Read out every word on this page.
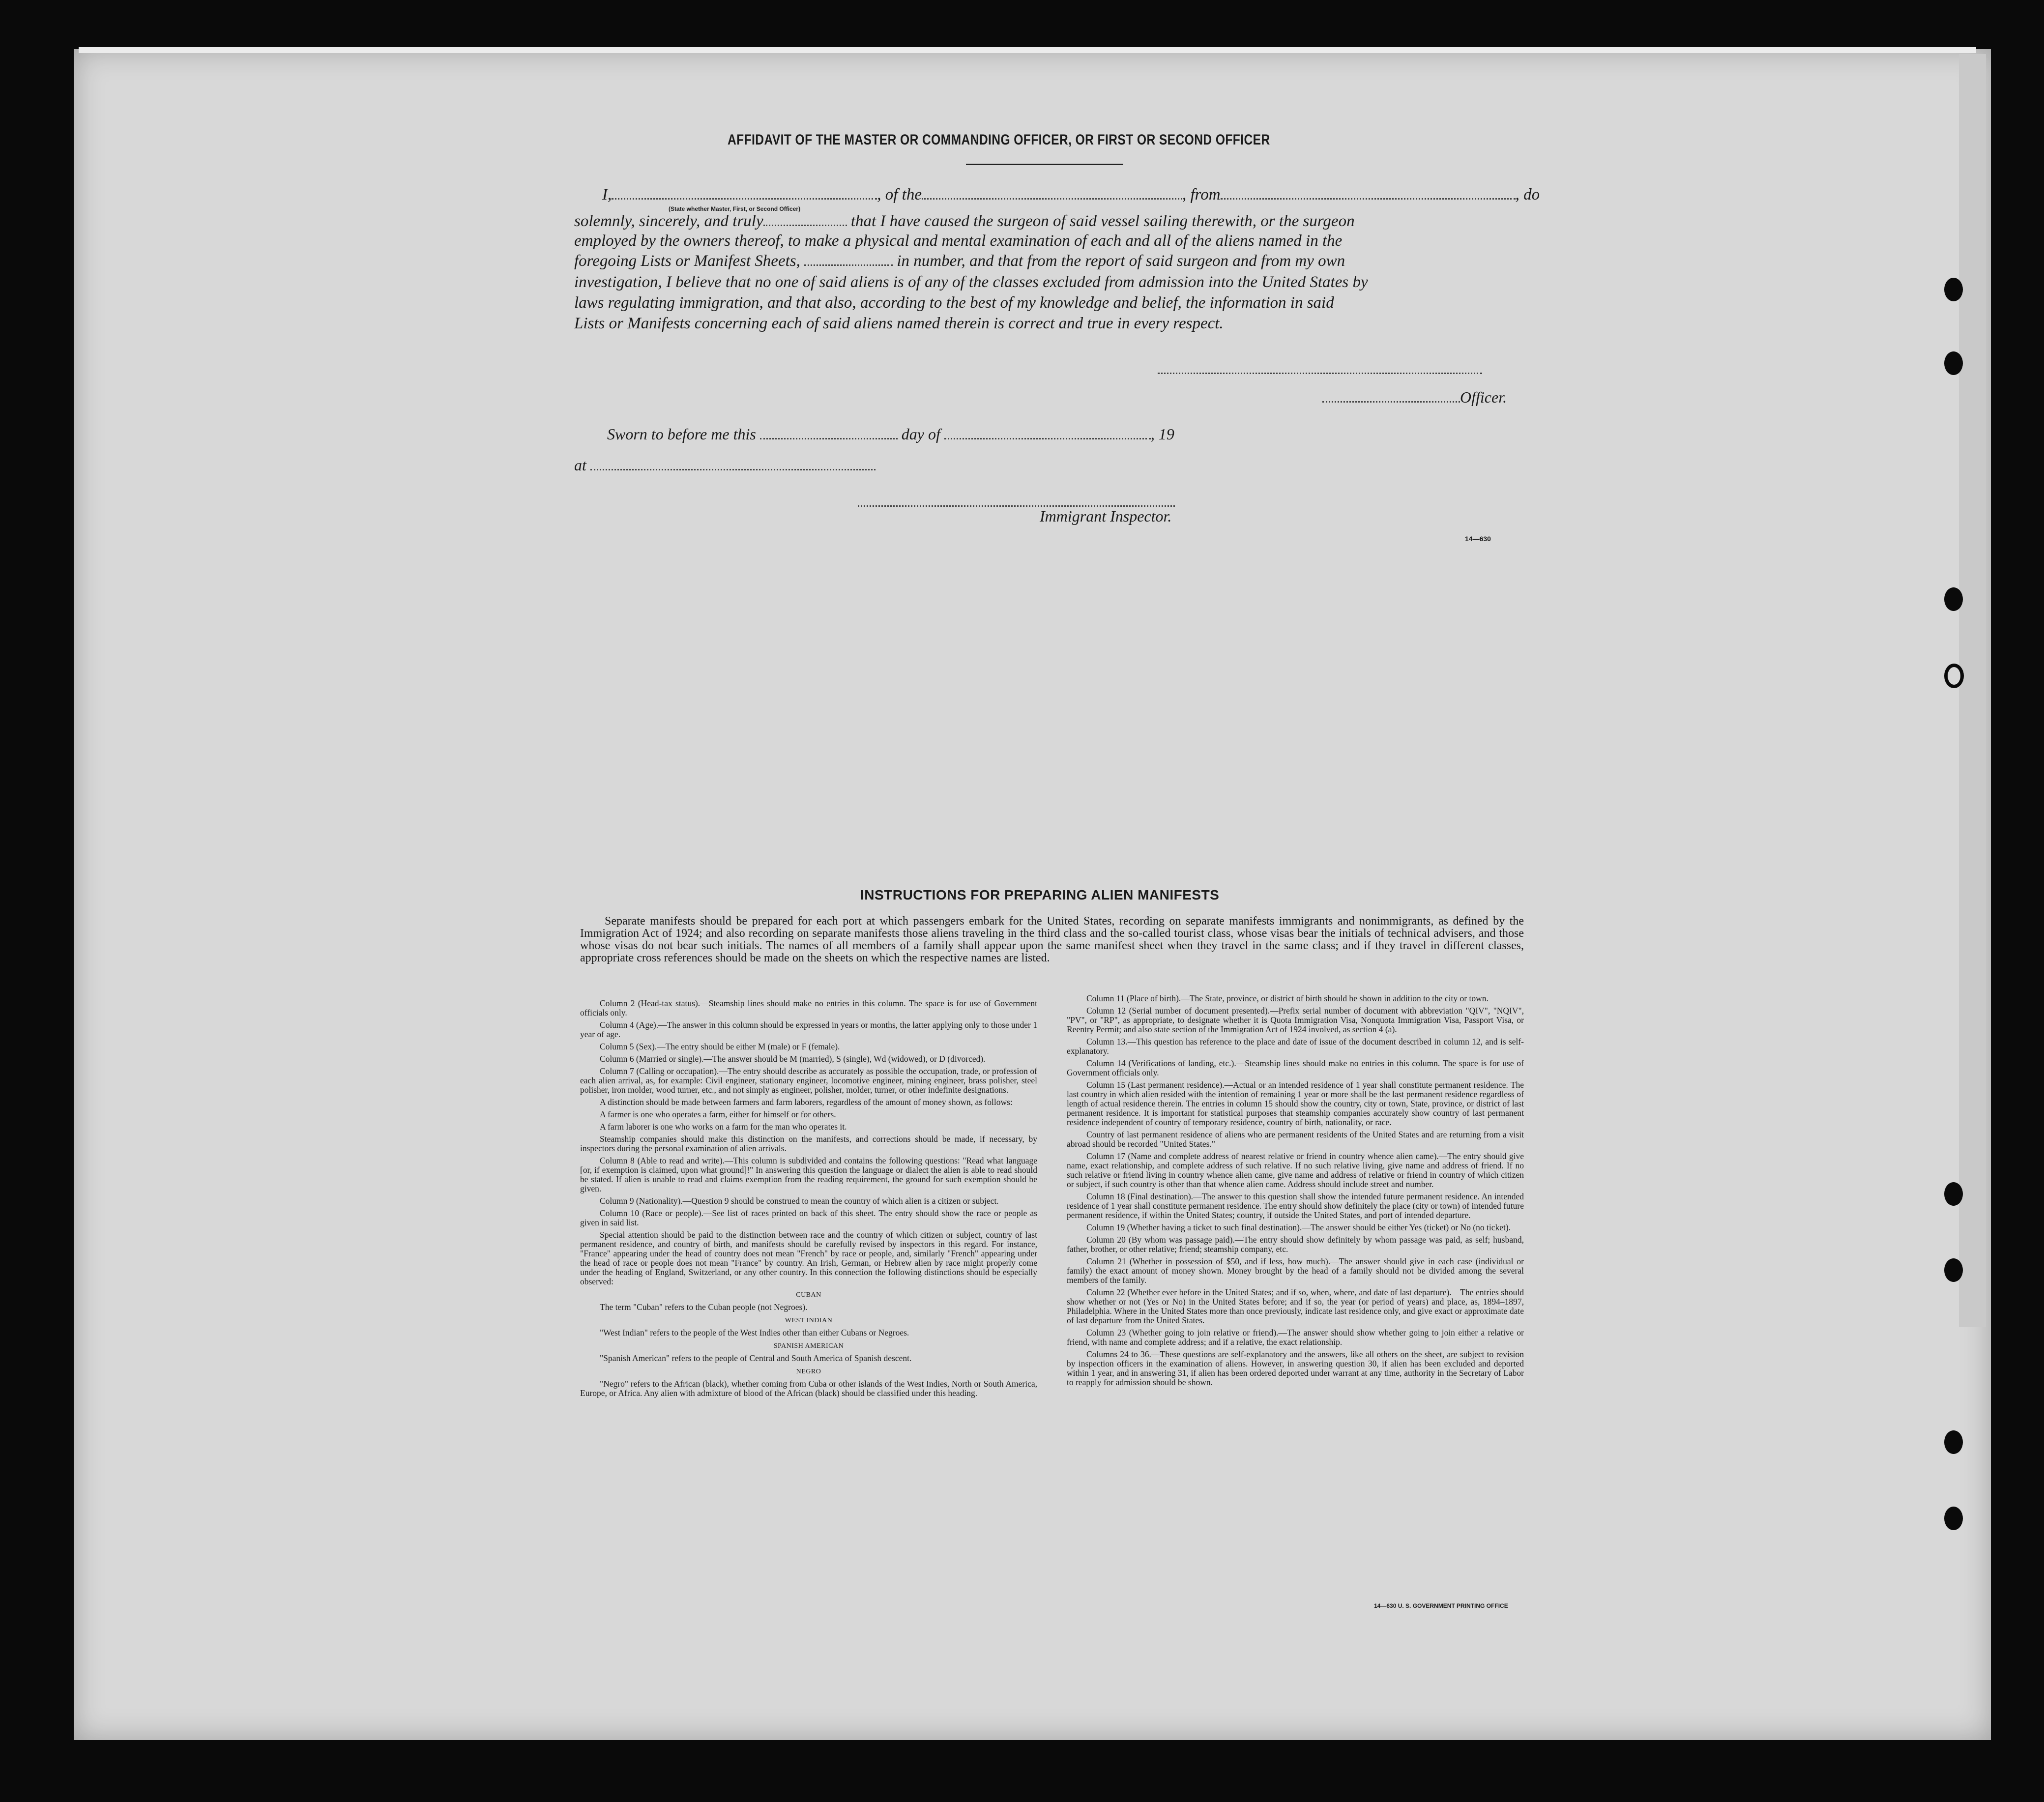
AFFIDAVIT OF THE MASTER OR COMMANDING OFFICER, OR FIRST OR SECOND OFFICER
I,	, of the	, from	, do
(State whether Master, First, or Second Officer)
solemnly, sincerely, and truly	that I have caused the surgeon of said vessel sailing therewith, or the surgeon
employed by the owners thereof, to make a physical and mental examination of each and all of the aliens named in the
foregoing Lists or Manifest Sheets,	in number, and that from the report of said surgeon and from my own
investigation, I believe that no one of said aliens is of any of the classes excluded from admission into the United States by
laws regulating immigration, and that also, according to the best of my knowledge and belief, the information in said
Lists or Manifests concerning each of said aliens named therein is correct and true in every respect.
Officer.
Sworn to before me this	day of	, 19
at
Immigrant Inspector.
14—630
INSTRUCTIONS FOR PREPARING ALIEN MANIFESTS
Separate manifests should be prepared for each port at which passengers embark for the United States, recording on separate manifests immigrants and nonimmigrants, as defined by the Immigration Act of 1924; and also recording on separate manifests those aliens traveling in the third class and the so-called tourist class, whose visas bear the initials of technical advisers, and those whose visas do not bear such initials. The names of all members of a family shall appear upon the same manifest sheet when they travel in the same class; and if they travel in different classes, appropriate cross references should be made on the sheets on which the respective names are listed.

Column 2 (Head-tax status).—Steamship lines should make no entries in this column. The space is for use of Government officials only.

Column 4 (Age).—The answer in this column should be expressed in years or months, the latter applying only to those under 1 year of age.

Column 5 (Sex).—The entry should be either M (male) or F (female).

Column 6 (Married or single).—The answer should be M (married), S (single), Wd (widowed), or D (divorced).

Column 7 (Calling or occupation).—The entry should describe as accurately as possible the occupation, trade, or profession of each alien arrival, as, for example: Civil engineer, stationary engineer, locomotive engineer, mining engineer, brass polisher, steel polisher, iron molder, wood turner, etc., and not simply as engineer, polisher, molder, turner, or other indefinite designations.

A distinction should be made between farmers and farm laborers, regardless of the amount of money shown, as follows:

A farmer is one who operates a farm, either for himself or for others.

A farm laborer is one who works on a farm for the man who operates it.

Steamship companies should make this distinction on the manifests, and corrections should be made, if necessary, by inspectors during the personal examination of alien arrivals.

Column 8 (Able to read and write).—This column is subdivided and contains the following questions: "Read what language [or, if exemption is claimed, upon what ground]!" In answering this question the language or dialect the alien is able to read should be stated. If alien is unable to read and claims exemption from the reading requirement, the ground for such exemption should be given.

Column 9 (Nationality).—Question 9 should be construed to mean the country of which alien is a citizen or subject.

Column 10 (Race or people).—See list of races printed on back of this sheet. The entry should show the race or people as given in said list.

Special attention should be paid to the distinction between race and the country of which citizen or subject, country of last permanent residence, and country of birth, and manifests should be carefully revised by inspectors in this regard. For instance, "France" appearing under the head of country does not mean "French" by race or people, and, similarly "French" appearing under the head of race or people does not mean "France" by country. An Irish, German, or Hebrew alien by race might properly come under the heading of England, Switzerland, or any other country. In this connection the following distinctions should be especially observed:

CUBAN

The term "Cuban" refers to the Cuban people (not Negroes).

WEST INDIAN

"West Indian" refers to the people of the West Indies other than either Cubans or Negroes.

SPANISH AMERICAN

"Spanish American" refers to the people of Central and South America of Spanish descent.

NEGRO

"Negro" refers to the African (black), whether coming from Cuba or other islands of the West Indies, North or South America, Europe, or Africa. Any alien with admixture of blood of the African (black) should be classified under this heading.

Column 11 (Place of birth).—The State, province, or district of birth should be shown in addition to the city or town.

Column 12 (Serial number of document presented).—Prefix serial number of document with abbreviation "QIV", "NQIV", "PV", or "RP", as appropriate, to designate whether it is Quota Immigration Visa, Nonquota Immigration Visa, Passport Visa, or Reentry Permit; and also state section of the Immigration Act of 1924 involved, as section 4 (a).

Column 13.—This question has reference to the place and date of issue of the document described in column 12, and is self-explanatory.

Column 14 (Verifications of landing, etc.).—Steamship lines should make no entries in this column. The space is for use of Government officials only.

Column 15 (Last permanent residence).—Actual or an intended residence of 1 year shall constitute permanent residence. The last country in which alien resided with the intention of remaining 1 year or more shall be the last permanent residence regardless of length of actual residence therein. The entries in column 15 should show the country, city or town, State, province, or district of last permanent residence. It is important for statistical purposes that steamship companies accurately show country of last permanent residence independent of country of temporary residence, country of birth, nationality, or race.

Country of last permanent residence of aliens who are permanent residents of the United States and are returning from a visit abroad should be recorded "United States."

Column 17 (Name and complete address of nearest relative or friend in country whence alien came).—The entry should give name, exact relationship, and complete address of such relative. If no such relative living, give name and address of friend. If no such relative or friend living in country whence alien came, give name and address of relative or friend in country of which citizen or subject, if such country is other than that whence alien came. Address should include street and number.

Column 18 (Final destination).—The answer to this question shall show the intended future permanent residence. An intended residence of 1 year shall constitute permanent residence. The entry should show definitely the place (city or town) of intended future permanent residence, if within the United States; country, if outside the United States, and port of intended departure.

Column 19 (Whether having a ticket to such final destination).—The answer should be either Yes (ticket) or No (no ticket).

Column 20 (By whom was passage paid).—The entry should show definitely by whom passage was paid, as self; husband, father, brother, or other relative; friend; steamship company, etc.

Column 21 (Whether in possession of $50, and if less, how much).—The answer should give in each case (individual or family) the exact amount of money shown. Money brought by the head of a family should not be divided among the several members of the family.

Column 22 (Whether ever before in the United States; and if so, when, where, and date of last departure).—The entries should show whether or not (Yes or No) in the United States before; and if so, the year (or period of years) and place, as, 1894–1897, Philadelphia. Where in the United States more than once previously, indicate last residence only, and give exact or approximate date of last departure from the United States.

Column 23 (Whether going to join relative or friend).—The answer should show whether going to join either a relative or friend, with name and complete address; and if a relative, the exact relationship.

Columns 24 to 36.—These questions are self-explanatory and the answers, like all others on the sheet, are subject to revision by inspection officers in the examination of aliens. However, in answering question 30, if alien has been excluded and deported within 1 year, and in answering 31, if alien has been ordered deported under warrant at any time, authority in the Secretary of Labor to reapply for admission should be shown.

14—630 U. S. GOVERNMENT PRINTING OFFICE
